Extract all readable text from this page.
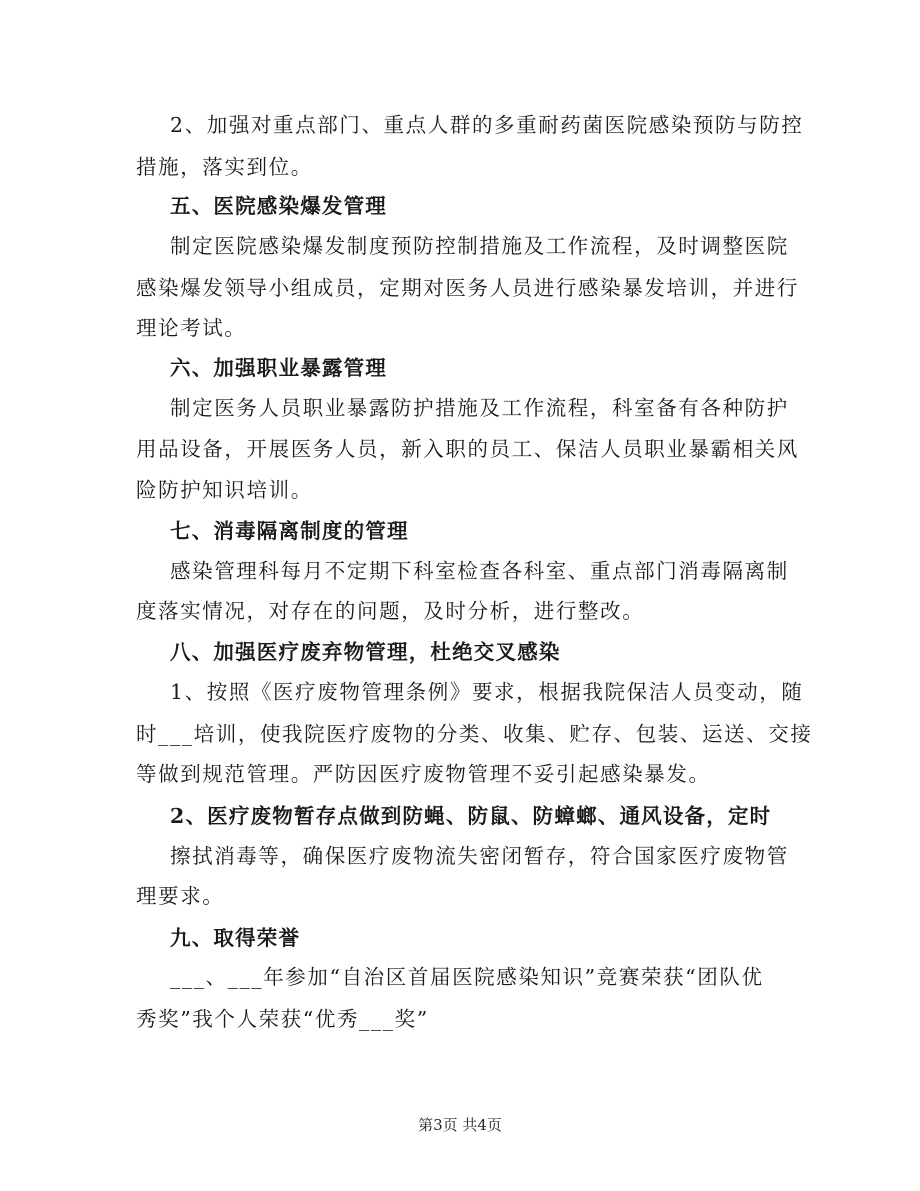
2、加强对重点部门、重点人群的多重耐药菌医院感染预防与防控
措施，落实到位。
五、医院感染爆发管理
制定医院感染爆发制度预防控制措施及工作流程，及时调整医院
感染爆发领导小组成员，定期对医务人员进行感染暴发培训，并进行
理论考试。
六、加强职业暴露管理
制定医务人员职业暴露防护措施及工作流程，科室备有各种防护
用品设备，开展医务人员，新入职的员工、保洁人员职业暴霸相关风
险防护知识培训。
七、消毒隔离制度的管理
感染管理科每月不定期下科室检查各科室、重点部门消毒隔离制
度落实情况，对存在的问题，及时分析，进行整改。
八、加强医疗废弃物管理，杜绝交叉感染
1、按照《医疗废物管理条例》要求，根据我院保洁人员变动，随
时___培训，使我院医疗废物的分类、收集、贮存、包装、运送、交接
等做到规范管理。严防因医疗废物管理不妥引起感染暴发。
2、医疗废物暂存点做到防蝇、防鼠、防蟑螂、通风设备，定时
擦拭消毒等，确保医疗废物流失密闭暂存，符合国家医疗废物管
理要求。
九、取得荣誉
___、___年参加“自治区首届医院感染知识”竞赛荣获“团队优
秀奖”我个人荣获“优秀___奖”
第3页 共4页
